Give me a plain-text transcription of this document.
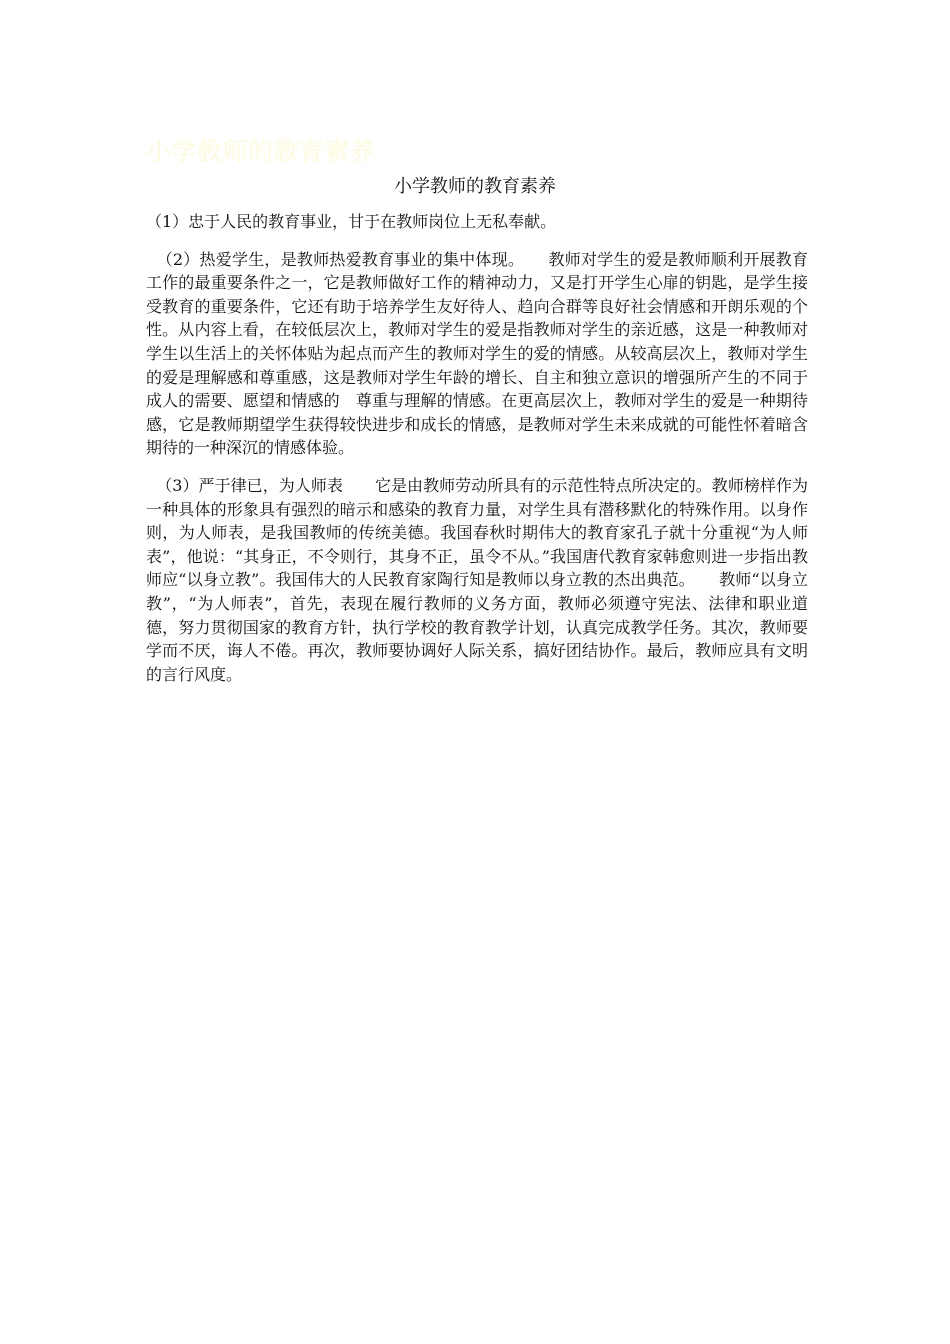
小学教师的教育素养
小学教师的教育素养

（1）忠于人民的教育事业，甘于在教师岗位上无私奉献。

（2）热爱学生，是教师热爱教育事业的集中体现。　　教师对学生的爱是教师顺利开展教育工作的最重要条件之一，它是教师做好工作的精神动力，又是打开学生心扉的钥匙，是学生接受教育的重要条件，它还有助于培养学生友好待人、趋向合群等良好社会情感和开朗乐观的个性。从内容上看，在较低层次上，教师对学生的爱是指教师对学生的亲近感，这是一种教师对学生以生活上的关怀体贴为起点而产生的教师对学生的爱的情感。从较高层次上，教师对学生的爱是理解感和尊重感，这是教师对学生年龄的增长、自主和独立意识的增强所产生的不同于成人的需要、愿望和情感的　尊重与理解的情感。在更高层次上，教师对学生的爱是一种期待感，它是教师期望学生获得较快进步和成长的情感，是教师对学生未来成就的可能性怀着暗含期待的一种深沉的情感体验。

（3）严于律已，为人师表　　它是由教师劳动所具有的示范性特点所决定的。教师榜样作为一种具体的形象具有强烈的暗示和感染的教育力量，对学生具有潜移默化的特殊作用。以身作则，为人师表，是我国教师的传统美德。我国春秋时期伟大的教育家孔子就十分重视“为人师表”，他说：“其身正，不令则行，其身不正，虽令不从。”我国唐代教育家韩愈则进一步指出教师应“以身立教”。我国伟大的人民教育家陶行知是教师以身立教的杰出典范。　　教师“以身立教”，“为人师表”，首先，表现在履行教师的义务方面，教师必须遵守宪法、法律和职业道德，努力贯彻国家的教育方针，执行学校的教育教学计划，认真完成教学任务。其次，教师要学而不厌，诲人不倦。再次，教师要协调好人际关系，搞好团结协作。最后，教师应具有文明的言行风度。
